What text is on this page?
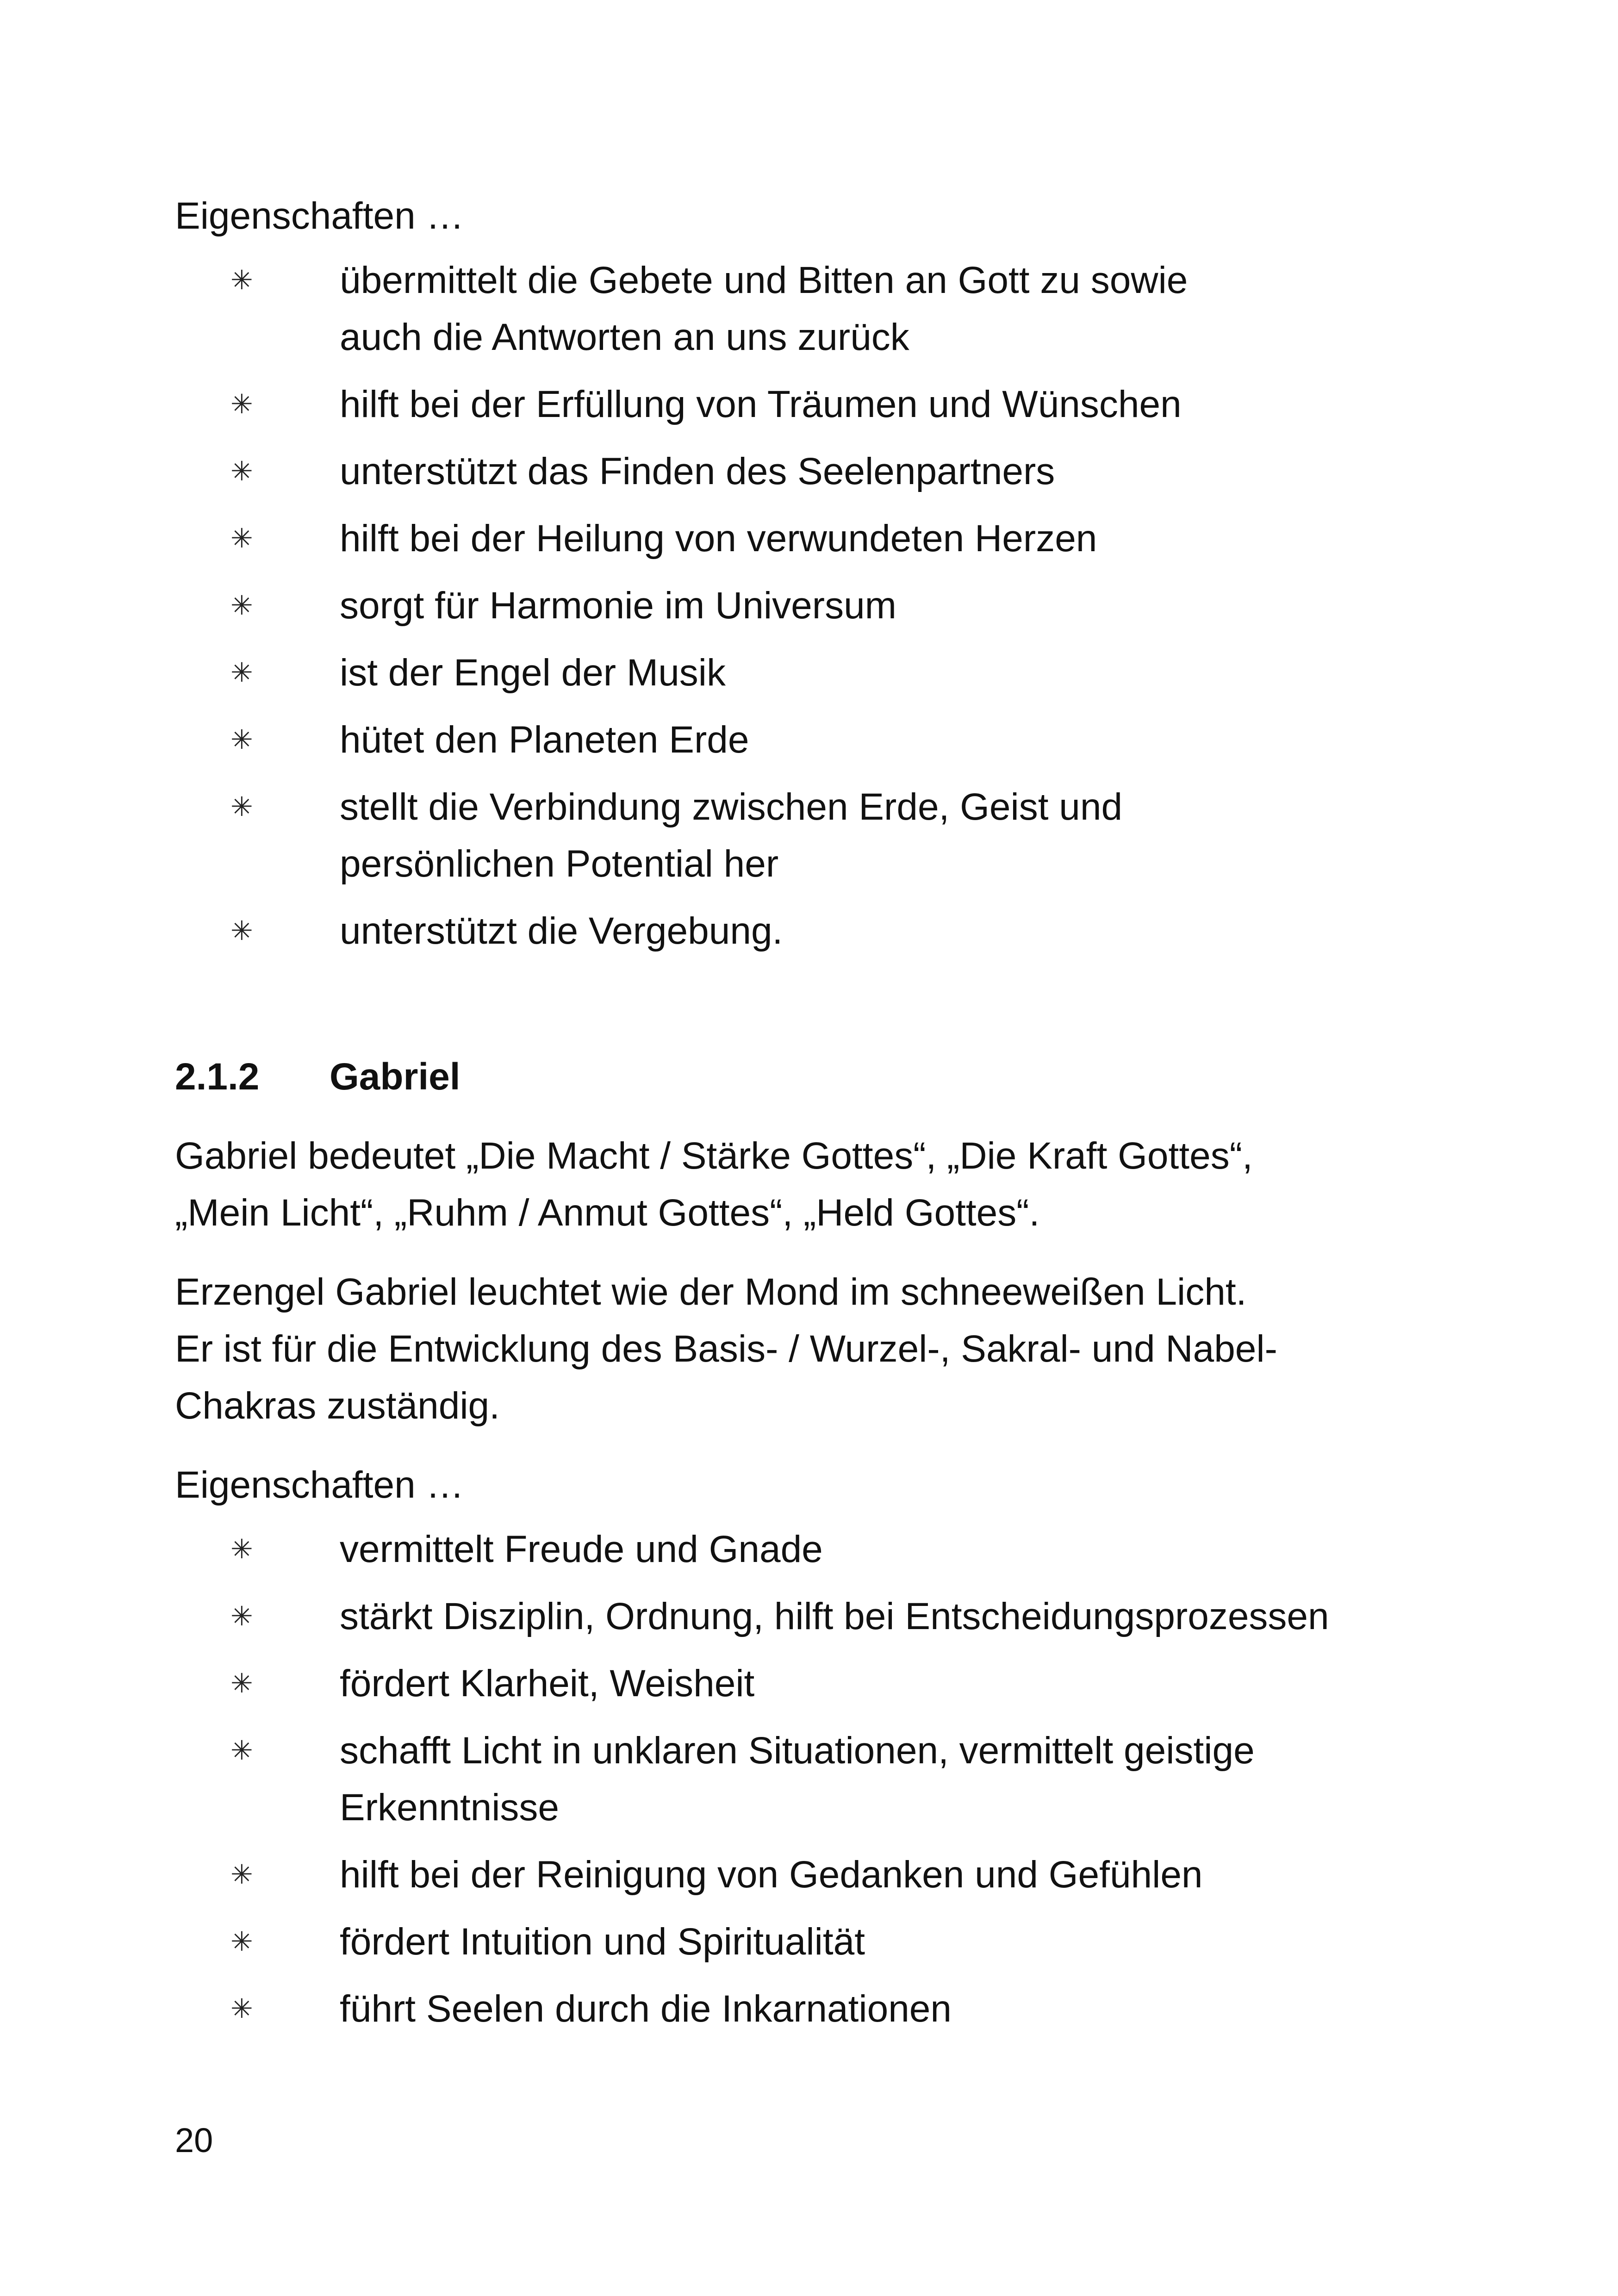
Eigenschaften …

✳ übermittelt die Gebete und Bitten an Gott zu sowie
auch die Antworten an uns zurück
✳ hilft bei der Erfüllung von Träumen und Wünschen
✳ unterstützt das Finden des Seelenpartners
✳ hilft bei der Heilung von verwundeten Herzen
✳ sorgt für Harmonie im Universum
✳ ist der Engel der Musik
✳ hütet den Planeten Erde
✳ stellt die Verbindung zwischen Erde, Geist und
persönlichen Potential her
✳ unterstützt die Vergebung.
2.1.2	Gabriel

Gabriel bedeutet „Die Macht / Stärke Gottes“, „Die Kraft Gottes“,
„Mein Licht“, „Ruhm / Anmut Gottes“, „Held Gottes“.

Erzengel Gabriel leuchtet wie der Mond im schneeweißen Licht.
Er ist für die Entwicklung des Basis- / Wurzel-, Sakral- und Nabel-
Chakras zuständig.

Eigenschaften …

✳ vermittelt Freude und Gnade
✳ stärkt Disziplin, Ordnung, hilft bei Entscheidungsprozessen
✳ fördert Klarheit, Weisheit
✳ schafft Licht in unklaren Situationen, vermittelt geistige
Erkenntnisse
✳ hilft bei der Reinigung von Gedanken und Gefühlen
✳ fördert Intuition und Spiritualität
✳ führt Seelen durch die Inkarnationen
20
